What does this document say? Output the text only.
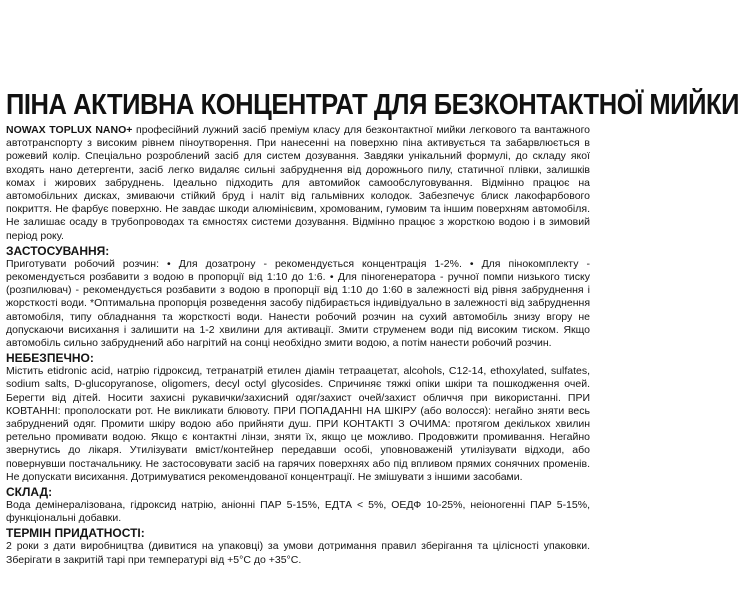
ПІНА АКТИВНА КОНЦЕНТРАТ ДЛЯ БЕЗКОНТАКТНОЇ МИЙКИ

NOWAX TOPLUX NANO+ професійний лужний засіб преміум класу для безконтактної мийки легкового та вантажного автотранспорту з високим рівнем піноутворення. При нанесенні на поверхню піна активується та забарвлюється в рожевий колір. Спеціально розроблений засіб для систем дозування. Завдяки унікальний формулі, до складу якої входять нано детергенти, засіб легко видаляє сильні забруднення від дорожнього пилу, статичної плівки, залишків комах і жирових забруднень. Ідеально підходить для автомийок самообслуговування. Відмінно працює на автомобільних дисках, змиваючи стійкий бруд і наліт від гальмівних колодок. Забезпечує блиск лакофарбового покриття. Не фарбує поверхню. Не завдає шкоди алюмінієвим, хромованим, гумовим та іншим поверхням автомобіля. Не залишає осаду в трубопроводах та ємностях системи дозування. Відмінно працює з жорсткою водою і в зимовий період року.

ЗАСТОСУВАННЯ:

Приготувати робочий розчин: • Для дозатрону - рекомендується концентрація 1-2%. • Для пінокомплекту - рекомендується розбавити з водою в пропорції від 1:10 до 1:6. • Для піногенератора - ручної помпи низького тиску (розпилювач) - рекомендується розбавити з водою в пропорції від 1:10 до 1:60 в залежності від рівня забруднення і жорсткості води. *Оптимальна пропорція розведення засобу підбирається індивідуально в залежності від забруднення автомобіля, типу обладнання та жорсткості води. Нанести робочий розчин на сухий автомобіль знизу вгору не допускаючи висихання і залишити на 1-2 хвилини для активації. Змити струменем води під високим тиском. Якщо автомобіль сильно забруднений або нагрітий на сонці необхідно змити водою, а потім нанести робочий розчин.

НЕБЕЗПЕЧНО:

Містить etidronic acid, натрію гідроксид, тетранатрій етилен діамін тетраацетат, alcohols, C12-14, ethoxylated, sulfates, sodium salts, D-glucopyranose, oligomers, decyl octyl glycosides. Спричиняє тяжкі опіки шкіри та пошкодження очей. Берегти від дітей. Носити захисні рукавички/захисний одяг/захист очей/захист обличчя при використанні. ПРИ КОВТАННІ: прополоскати рот. Не викликати блювоту. ПРИ ПОПАДАННІ НА ШКІРУ (або волосся): негайно зняти весь забруднений одяг. Промити шкіру водою або прийняти душ. ПРИ КОНТАКТІ З ОЧИМА: протягом декількох хвилин ретельно промивати водою. Якщо є контактні лінзи, зняти їх, якщо це можливо. Продовжити промивання. Негайно звернутись до лікаря. Утилізувати вміст/контейнер передавши особі, уповноваженій утилізувати відходи, або повернувши постачальнику. Не застосовувати засіб на гарячих поверхнях або під впливом прямих сонячних променів. Не допускати висихання. Дотримуватися рекомендованої концентрації. Не змішувати з іншими засобами.

СКЛАД:

Вода демінералізована, гідроксид натрію, аніонні ПАР 5-15%, ЕДТА < 5%, ОЕДФ 10-25%, неіоногенні ПАР 5-15%, функціональні добавки.

ТЕРМІН ПРИДАТНОСТІ:

2 роки з дати виробництва (дивитися на упаковці) за умови дотримання правил зберігання та цілісності упаковки. Зберігати в закритій тарі при температурі від +5°С до +35°С.
